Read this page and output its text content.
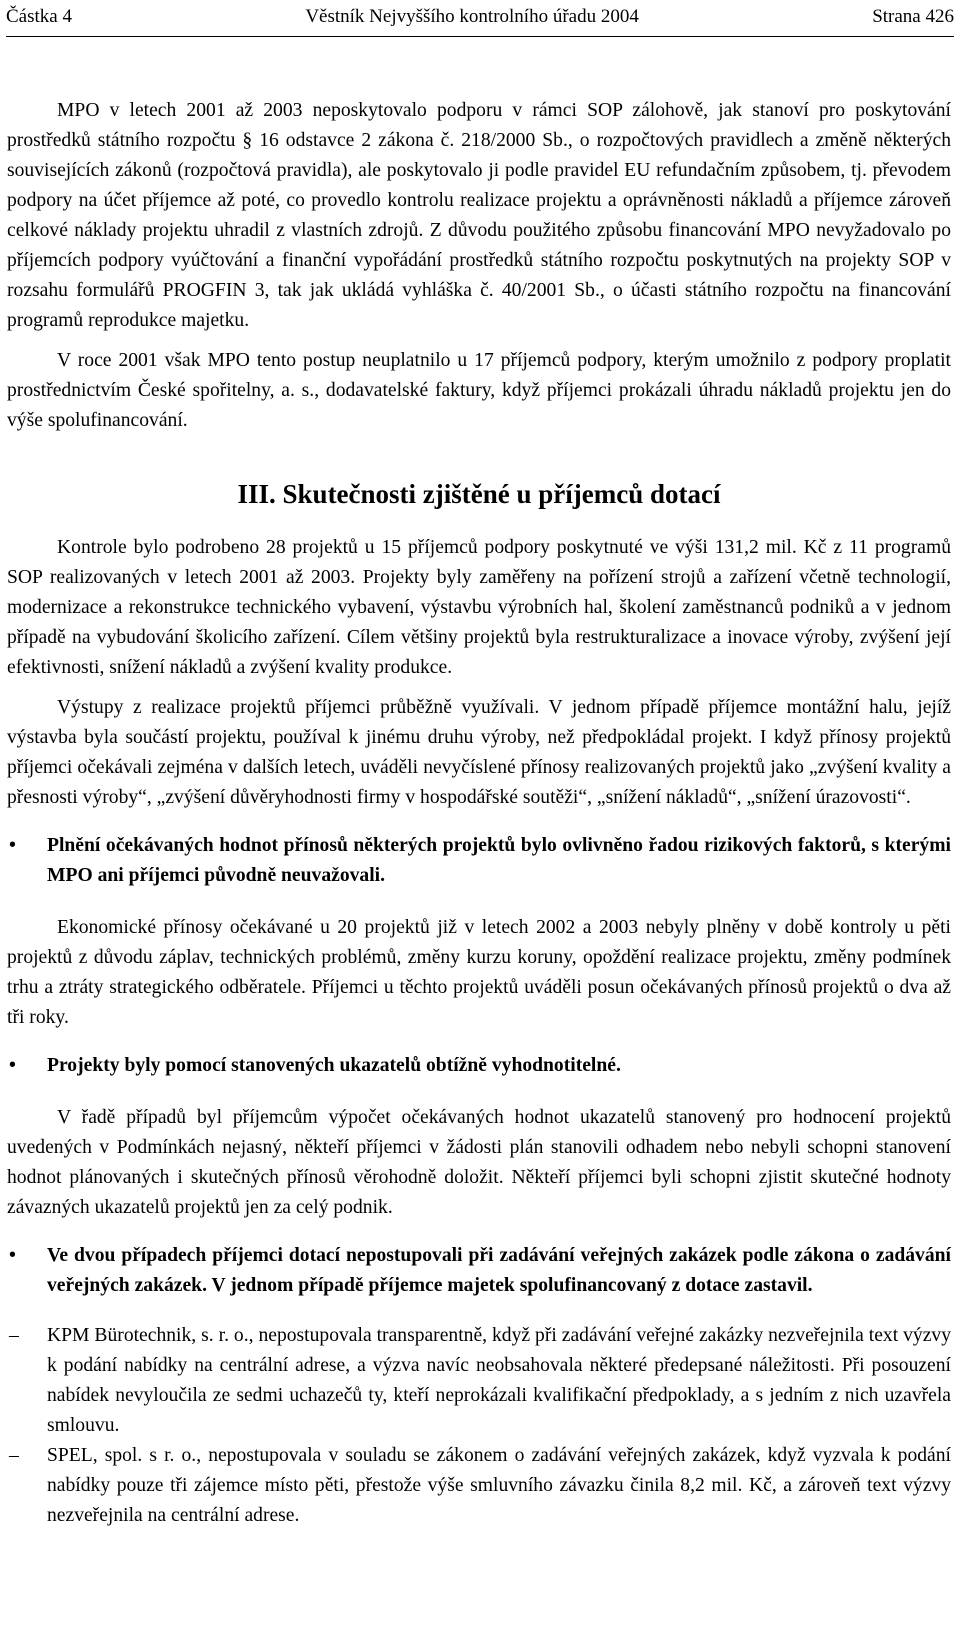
Částka 4	Věstník Nejvyššího kontrolního úřadu 2004	Strana 426

MPO v letech 2001 až 2003 neposkytovalo podporu v rámci SOP zálohově, jak stanoví pro poskytování prostředků státního rozpočtu § 16 odstavce 2 zákona č. 218/2000 Sb., o rozpočtových pravidlech a změně některých souvisejících zákonů (rozpočtová pravidla), ale poskytovalo ji podle pravidel EU refundačním způsobem, tj. převodem podpory na účet příjemce až poté, co provedlo kontrolu realizace projektu a oprávněnosti nákladů a příjemce zároveň celkové náklady projektu uhradil z vlastních zdrojů. Z důvodu použitého způsobu financování MPO nevyžadovalo po příjemcích podpory vyúčtování a finanční vypořádání prostředků státního rozpočtu poskytnutých na projekty SOP v rozsahu formulářů PROGFIN 3, tak jak ukládá vyhláška č. 40/2001 Sb., o účasti státního rozpočtu na financování programů reprodukce majetku.

V roce 2001 však MPO tento postup neuplatnilo u 17 příjemců podpory, kterým umožnilo z podpory proplatit prostřednictvím České spořitelny, a. s., dodavatelské faktury, když příjemci prokázali úhradu nákladů projektu jen do výše spolufinancování.

III. Skutečnosti zjištěné u příjemců dotací

Kontrole bylo podrobeno 28 projektů u 15 příjemců podpory poskytnuté ve výši 131,2 mil. Kč z 11 programů SOP realizovaných v letech 2001 až 2003. Projekty byly zaměřeny na pořízení strojů a zařízení včetně technologií, modernizace a rekonstrukce technického vybavení, výstavbu výrobních hal, školení zaměstnanců podniků a v jednom případě na vybudování školicího zařízení. Cílem většiny projektů byla restrukturalizace a inovace výroby, zvýšení její efektivnosti, snížení nákladů a zvýšení kvality produkce.

Výstupy z realizace projektů příjemci průběžně využívali. V jednom případě příjemce montážní halu, jejíž výstavba byla součástí projektu, používal k jinému druhu výroby, než předpokládal projekt. I když přínosy projektů příjemci očekávali zejména v dalších letech, uváděli nevyčíslené přínosy realizovaných projektů jako „zvýšení kvality a přesnosti výroby“, „zvýšení důvěryhodnosti firmy v hospodářské soutěži“, „snížení nákladů“, „snížení úrazovosti“.

•	Plnění očekávaných hodnot přínosů některých projektů bylo ovlivněno řadou rizikových faktorů, s kterými MPO ani příjemci původně neuvažovali.

Ekonomické přínosy očekávané u 20 projektů již v letech 2002 a 2003 nebyly plněny v době kontroly u pěti projektů z důvodu záplav, technických problémů, změny kurzu koruny, opoždění realizace projektu, změny podmínek trhu a ztráty strategického odběratele. Příjemci u těchto projektů uváděli posun očekávaných přínosů projektů o dva až tři roky.

•	Projekty byly pomocí stanovených ukazatelů obtížně vyhodnotitelné.

V řadě případů byl příjemcům výpočet očekávaných hodnot ukazatelů stanovený pro hodnocení projektů uvedených v Podmínkách nejasný, někteří příjemci v žádosti plán stanovili odhadem nebo nebyli schopni stanovení hodnot plánovaných i skutečných přínosů věrohodně doložit. Někteří příjemci byli schopni zjistit skutečné hodnoty závazných ukazatelů projektů jen za celý podnik.

•	Ve dvou případech příjemci dotací nepostupovali při zadávání veřejných zakázek podle zákona o zadávání veřejných zakázek. V jednom případě příjemce majetek spolufinancovaný z dotace zastavil.
–	KPM Bürotechnik, s. r. o., nepostupovala transparentně, když při zadávání veřejné zakázky nezveřejnila text výzvy k podání nabídky na centrální adrese, a výzva navíc neobsahovala některé předepsané náležitosti. Při posouzení nabídek nevyloučila ze sedmi uchazečů ty, kteří neprokázali kvalifikační předpoklady, a s jedním z nich uzavřela smlouvu.
–	SPEL, spol. s r. o., nepostupovala v souladu se zákonem o zadávání veřejných zakázek, když vyzvala k podání nabídky pouze tři zájemce místo pěti, přestože výše smluvního závazku činila 8,2 mil. Kč, a zároveň text výzvy nezveřejnila na centrální adrese.
